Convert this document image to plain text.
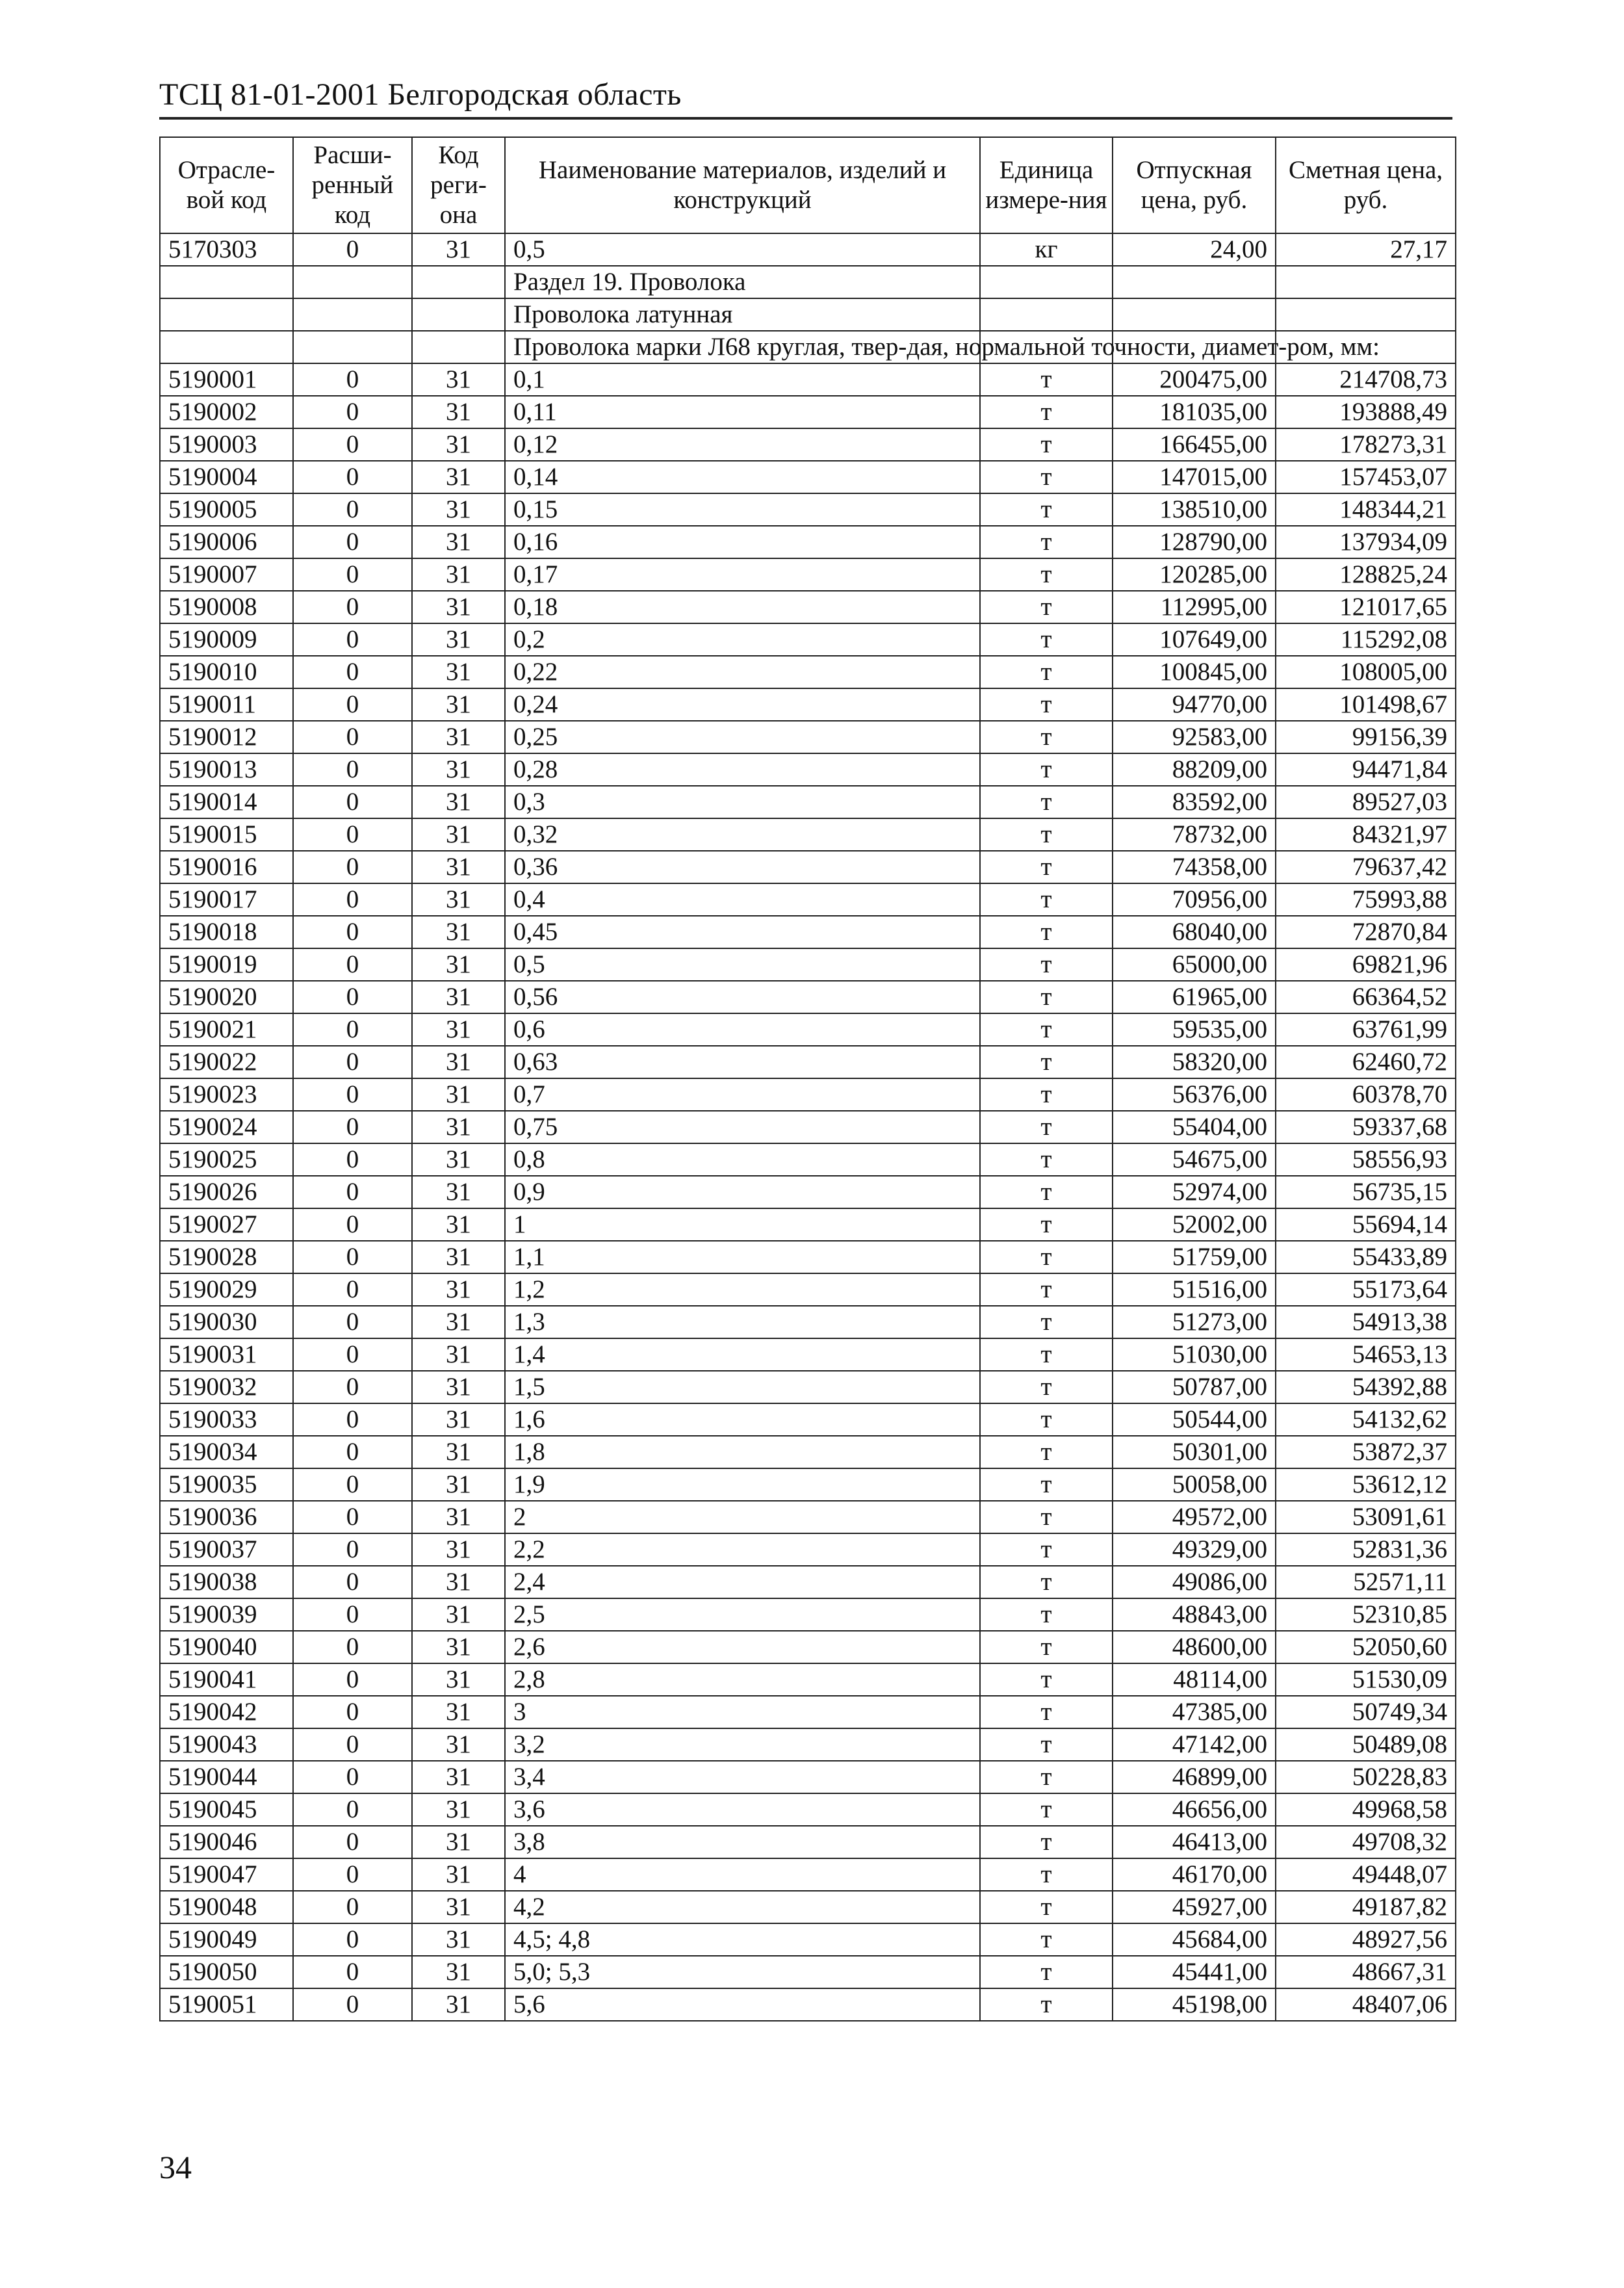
ТСЦ 81-01-2001 Белгородская область
Отрасле-вой код	Расши-ренный код	Код реги-она	Наименование материалов, изделий и конструкций	Единица измере-ния	Отпускная цена, руб.	Сметная цена, руб.
5170303	0	31	0,5	кг	24,00	27,17
			Раздел 19. Проволока			
			Проволока латунная			
			Проволока марки Л68 круглая, твер-дая, нормальной точности, диамет-ром, мм:			
5190001	0	31	0,1	т	200475,00	214708,73
5190002	0	31	0,11	т	181035,00	193888,49
5190003	0	31	0,12	т	166455,00	178273,31
5190004	0	31	0,14	т	147015,00	157453,07
5190005	0	31	0,15	т	138510,00	148344,21
5190006	0	31	0,16	т	128790,00	137934,09
5190007	0	31	0,17	т	120285,00	128825,24
5190008	0	31	0,18	т	112995,00	121017,65
5190009	0	31	0,2	т	107649,00	115292,08
5190010	0	31	0,22	т	100845,00	108005,00
5190011	0	31	0,24	т	94770,00	101498,67
5190012	0	31	0,25	т	92583,00	99156,39
5190013	0	31	0,28	т	88209,00	94471,84
5190014	0	31	0,3	т	83592,00	89527,03
5190015	0	31	0,32	т	78732,00	84321,97
5190016	0	31	0,36	т	74358,00	79637,42
5190017	0	31	0,4	т	70956,00	75993,88
5190018	0	31	0,45	т	68040,00	72870,84
5190019	0	31	0,5	т	65000,00	69821,96
5190020	0	31	0,56	т	61965,00	66364,52
5190021	0	31	0,6	т	59535,00	63761,99
5190022	0	31	0,63	т	58320,00	62460,72
5190023	0	31	0,7	т	56376,00	60378,70
5190024	0	31	0,75	т	55404,00	59337,68
5190025	0	31	0,8	т	54675,00	58556,93
5190026	0	31	0,9	т	52974,00	56735,15
5190027	0	31	1	т	52002,00	55694,14
5190028	0	31	1,1	т	51759,00	55433,89
5190029	0	31	1,2	т	51516,00	55173,64
5190030	0	31	1,3	т	51273,00	54913,38
5190031	0	31	1,4	т	51030,00	54653,13
5190032	0	31	1,5	т	50787,00	54392,88
5190033	0	31	1,6	т	50544,00	54132,62
5190034	0	31	1,8	т	50301,00	53872,37
5190035	0	31	1,9	т	50058,00	53612,12
5190036	0	31	2	т	49572,00	53091,61
5190037	0	31	2,2	т	49329,00	52831,36
5190038	0	31	2,4	т	49086,00	52571,11
5190039	0	31	2,5	т	48843,00	52310,85
5190040	0	31	2,6	т	48600,00	52050,60
5190041	0	31	2,8	т	48114,00	51530,09
5190042	0	31	3	т	47385,00	50749,34
5190043	0	31	3,2	т	47142,00	50489,08
5190044	0	31	3,4	т	46899,00	50228,83
5190045	0	31	3,6	т	46656,00	49968,58
5190046	0	31	3,8	т	46413,00	49708,32
5190047	0	31	4	т	46170,00	49448,07
5190048	0	31	4,2	т	45927,00	49187,82
5190049	0	31	4,5; 4,8	т	45684,00	48927,56
5190050	0	31	5,0; 5,3	т	45441,00	48667,31
5190051	0	31	5,6	т	45198,00	48407,06
34
